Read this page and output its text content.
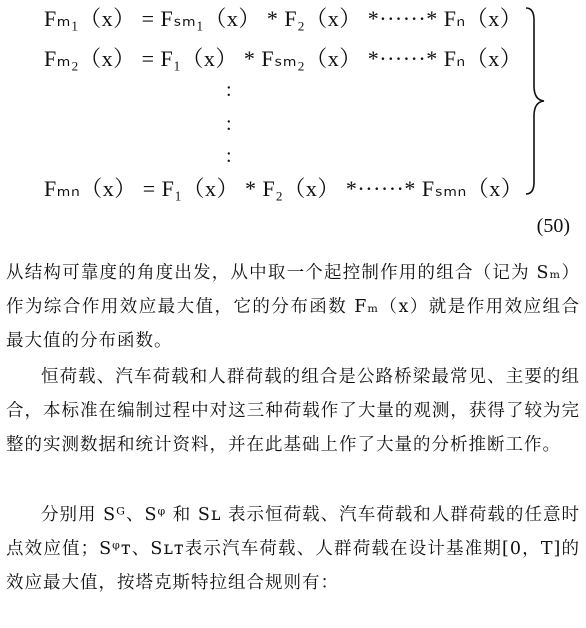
Fₘ₁（x） = Fₛₘ₁（x） * F₂（x） *······* Fₙ（x）
Fₘ₂（x） = F₁（x） * Fₛₘ₂（x） *······* Fₙ（x）
:
:
:
Fₘₙ（x） = F₁（x） * F₂（x） *······* Fₛₘₙ（x）
(50)

从结构可靠度的角度出发，从中取一个起控制作用的组合（记为 Sₘ）作为综合作用效应最大值，它的分布函数 Fₘ（x）就是作用效应组合最大值的分布函数。

恒荷载、汽车荷载和人群荷载的组合是公路桥梁最常见、主要的组合，本标准在编制过程中对这三种荷载作了大量的观测，获得了较为完整的实测数据和统计资料，并在此基础上作了大量的分析推断工作。

分别用 Sᴳ、Sᵠ 和 Sʟ 表示恒荷载、汽车荷载和人群荷载的任意时点效应值；Sᵠᴛ、Sʟᴛ表示汽车荷载、人群荷载在设计基准期[0，T]的效应最大值，按塔克斯特拉组合规则有：
